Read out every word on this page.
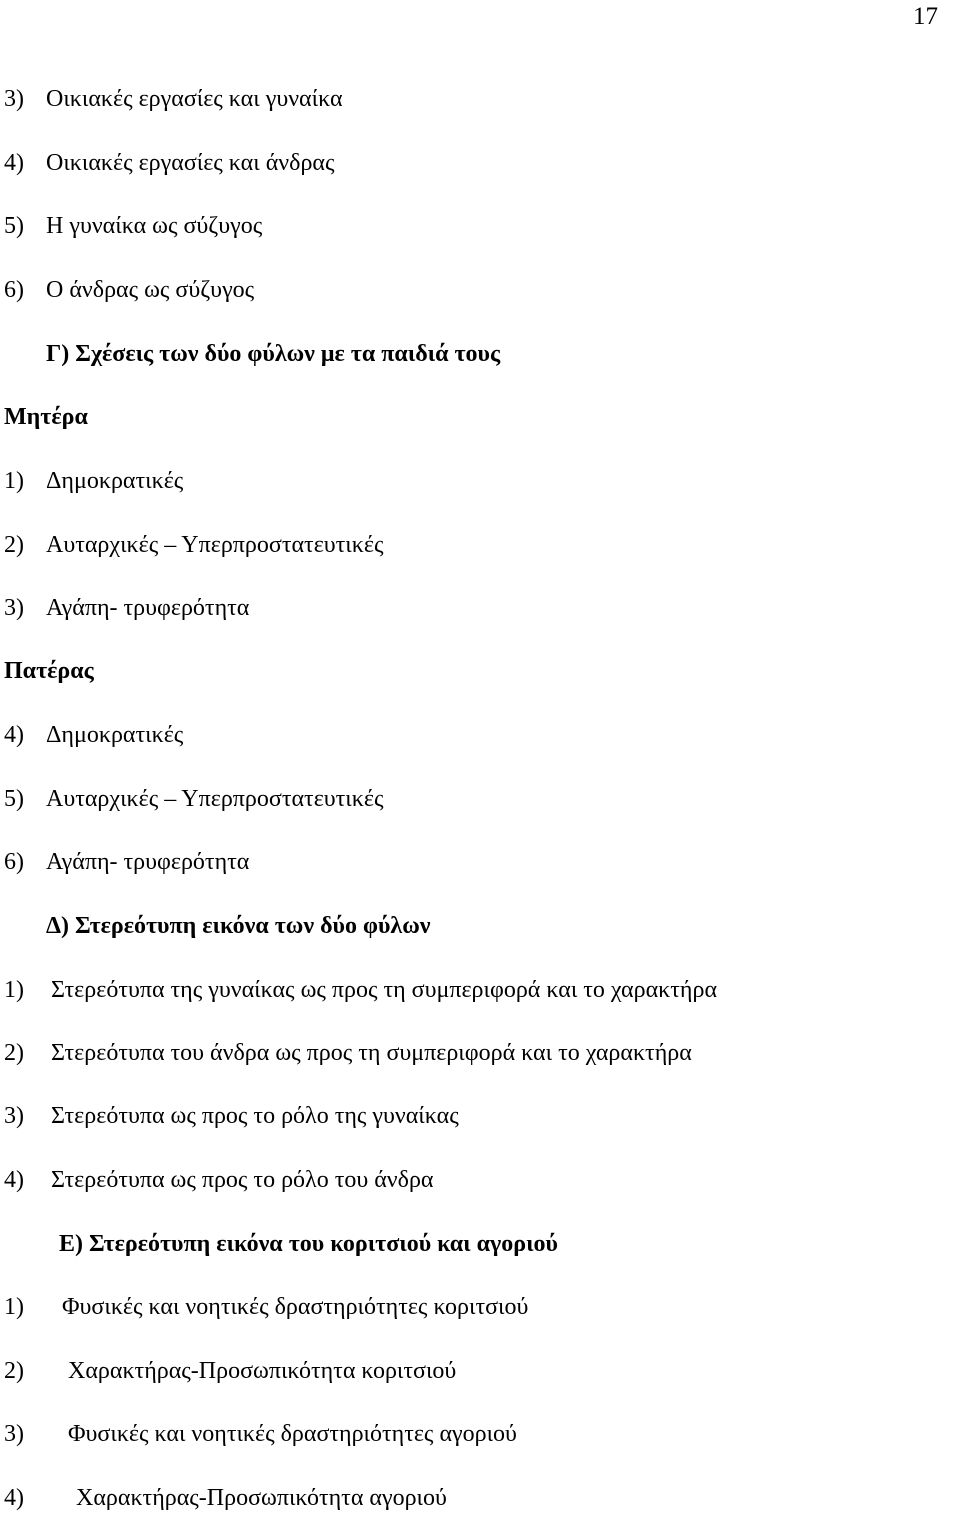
17
3) Οικιακές εργασίες και γυναίκα
4) Οικιακές εργασίες και άνδρας
5) Η γυναίκα ως σύζυγος
6) Ο άνδρας ως σύζυγος
Γ) Σχέσεις των δύο φύλων με τα παιδιά τους
Μητέρα
1) Δημοκρατικές
2) Αυταρχικές – Υπερπροστατευτικές
3) Αγάπη- τρυφερότητα
Πατέρας
4) Δημοκρατικές
5) Αυταρχικές – Υπερπροστατευτικές
6) Αγάπη- τρυφερότητα
Δ) Στερεότυπη εικόνα των δύο φύλων
1) Στερεότυπα της γυναίκας ως προς τη συμπεριφορά και το χαρακτήρα
2) Στερεότυπα του άνδρα ως προς τη συμπεριφορά και το χαρακτήρα
3) Στερεότυπα ως προς το ρόλο της γυναίκας
4) Στερεότυπα ως προς το ρόλο του άνδρα
Ε) Στερεότυπη εικόνα του κοριτσιού και αγοριού
1) Φυσικές και νοητικές δραστηριότητες κοριτσιού
2) Χαρακτήρας-Προσωπικότητα κοριτσιού
3) Φυσικές και νοητικές δραστηριότητες αγοριού
4) Χαρακτήρας-Προσωπικότητα αγοριού
